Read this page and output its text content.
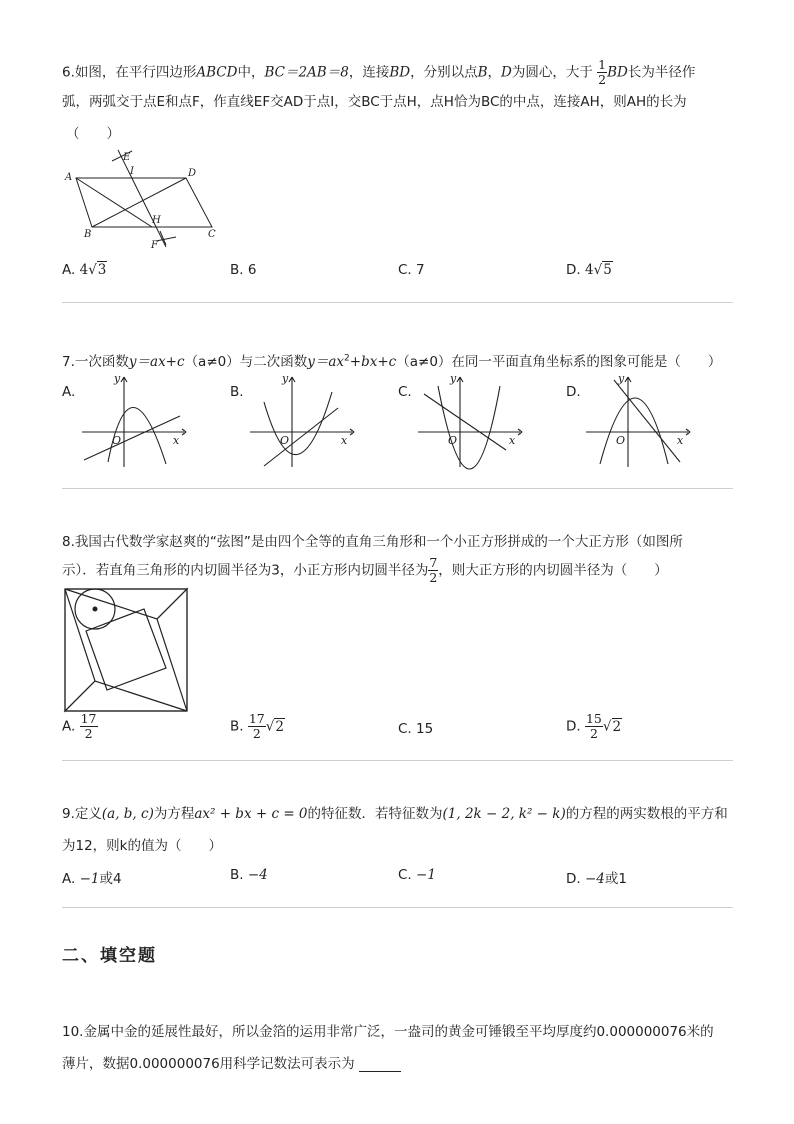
6.如图，在平行四边形ABCD中，BC＝2AB＝8，连接BD，分别以点B，D为圆心，大于 $\frac{1}{2}$ BD长为半径作
弧，两弧交于点E和点F，作直线EF交AD于点I，交BC于点H，点H恰为BC的中点，连接AH，则AH的长为
（　　）
A	D
B	C
E
I
H
F
A. 4√3	B. 6	C. 7	D. 4√5
7.一次函数y＝ax+c（a≠0）与二次函数$y=ax^2+bx+c(a\ne 0)$在同一平面直角坐标系的图象可能是（　　）
A.	B.	C.	D.
y
x
O
y
x
O
y
x
O
y
x
O
8.我国古代数学家赵爽的“弦图”是由四个全等的直角三角形和一个小正方形拼成的一个大正方形（如图所
示）．若直角三角形的内切圆半径为3，小正方形内切圆半径为 $\frac{7}{2}$ ，则大正方形的内切圆半径为（　　）
A. $\frac{17}{2}$	B. $\frac{17}{2} √2$	C. 15	D. $\frac{15}{2} √2$
9.定义(a, b, c)为方程ax² + bx + c = 0的特征数．若特征数为(1, 2k − 2, k² − k)的方程的两实数根的平方和
为12，则k的值为（　　）
A. −1或4	B. −4	C. −1	D. −4或1
二、填空题
10.金属中金的延展性最好，所以金箔的运用非常广泛，一盎司的黄金可锤锻至平均厚度约0.000000076米的
薄片，数据0.000000076用科学记数法可表示为
